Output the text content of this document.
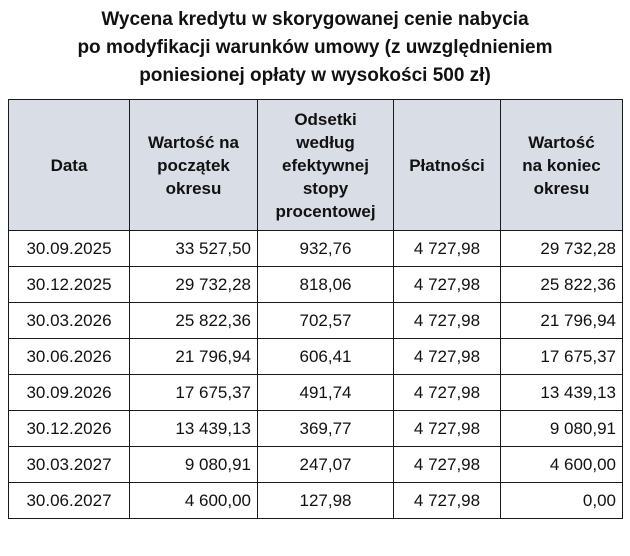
Wycena kredytu w skorygowanej cenie nabycia
po modyfikacji warunków umowy (z uwzględnieniem
poniesionej opłaty w wysokości 500 zł)
Data	Wartość na
początek
okresu	Odsetki
według
efektywnej
stopy
procentowej	Płatności	Wartość
na koniec
okresu

30.09.2025	33 527,50	932,76	4 727,98	29 732,28
30.12.2025	29 732,28	818,06	4 727,98	25 822,36
30.03.2026	25 822,36	702,57	4 727,98	21 796,94
30.06.2026	21 796,94	606,41	4 727,98	17 675,37
30.09.2026	17 675,37	491,74	4 727,98	13 439,13
30.12.2026	13 439,13	369,77	4 727,98	9 080,91
30.03.2027	9 080,91	247,07	4 727,98	4 600,00
30.06.2027	4 600,00	127,98	4 727,98	0,00
